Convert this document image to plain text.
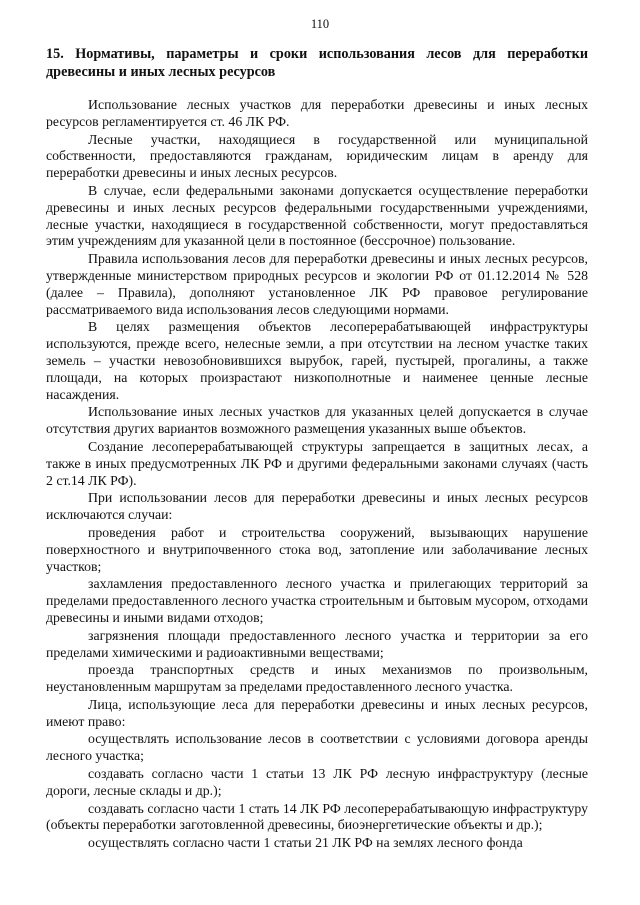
110
15. Нормативы, параметры и сроки использования лесов для переработки древесины и иных лесных ресурсов

Использование лесных участков для переработки древесины и иных лесных ресурсов регламентируется ст. 46 ЛК РФ.

Лесные участки, находящиеся в государственной или муниципальной собственности, предоставляются гражданам, юридическим лицам в аренду для переработки древесины и иных лесных ресурсов.

В случае, если федеральными законами допускается осуществление переработки древесины и иных лесных ресурсов федеральными государственными учреждениями, лесные участки, находящиеся в государственной собственности, могут предоставляться этим учреждениям для указанной цели в постоянное (бессрочное) пользование.

Правила использования лесов для переработки древесины и иных лесных ресурсов, утвержденные министерством природных ресурсов и экологии РФ от 01.12.2014 № 528 (далее – Правила), дополняют установленное ЛК РФ правовое регулирование рассматриваемого вида использования лесов следующими нормами.

В целях размещения объектов лесоперерабатывающей инфраструктуры используются, прежде всего, нелесные земли, а при отсутствии на лесном участке таких земель – участки невозобновившихся вырубок, гарей, пустырей, прогалины, а также площади, на которых произрастают низкополнотные и наименее ценные лесные насаждения.

Использование иных лесных участков для указанных целей допускается в случае отсутствия других вариантов возможного размещения указанных выше объектов.

Создание лесоперерабатывающей структуры запрещается в защитных лесах, а также в иных предусмотренных ЛК РФ и другими федеральными законами случаях (часть 2 ст.14 ЛК РФ).

При использовании лесов для переработки древесины и иных лесных ресурсов исключаются случаи:

проведения работ и строительства сооружений, вызывающих нарушение поверхностного и внутрипочвенного стока вод, затопление или заболачивание лесных участков;

захламления предоставленного лесного участка и прилегающих территорий за пределами предоставленного лесного участка строительным и бытовым мусором, отходами древесины и иными видами отходов;

загрязнения площади предоставленного лесного участка и территории за его пределами химическими и радиоактивными веществами;

проезда транспортных средств и иных механизмов по произвольным, неустановленным маршрутам за пределами предоставленного лесного участка.

Лица, использующие леса для переработки древесины и иных лесных ресурсов, имеют право:

осуществлять использование лесов в соответствии с условиями договора аренды лесного участка;

создавать согласно части 1 статьи 13 ЛК РФ лесную инфраструктуру (лесные дороги, лесные склады и др.);

создавать согласно части 1 стать 14 ЛК РФ лесоперерабатывающую инфраструктуру (объекты переработки заготовленной древесины, биоэнергетические объекты и др.);

осуществлять согласно части 1 статьи 21 ЛК РФ на землях лесного фонда
